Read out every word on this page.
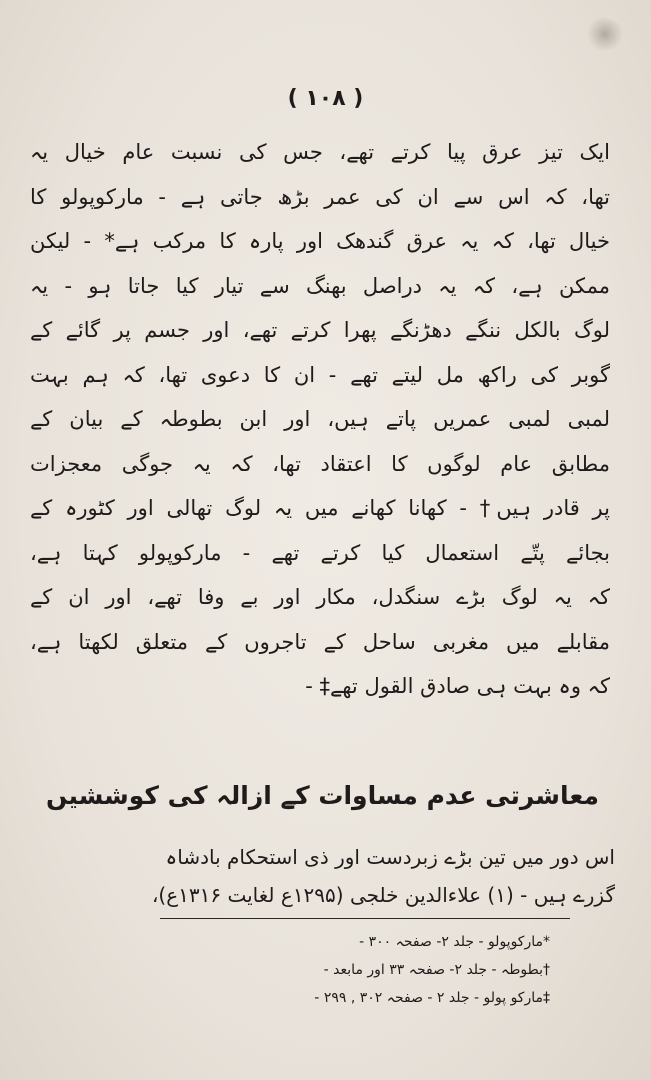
( ۱۰۸ )
ایک تیز عرق پیا کرتے تھے، جس کی نسبت عام خیال یہ
تھا، کہ اس سے ان کی عمر بڑھ جاتی ہے - مارکوپولو کا
خیال تھا، کہ یہ عرق گندھک اور پارہ کا مرکب ہے* - لیکن
ممکن ہے، کہ یہ دراصل بھنگ سے تیار کیا جاتا ہو - یہ
لوگ بالکل ننگے دھڑنگے پھرا کرتے تھے، اور جسم پر گائے کے
گوبر کی راکھ مل لیتے تھے - ان کا دعوی تھا، کہ ہم بہت
لمبی لمبی عمریں پاتے ہیں، اور ابن بطوطہ کے بیان کے
مطابق عام لوگوں کا اعتقاد تھا، کہ یہ جوگی معجزات
پر قادر ہیں† - کھانا کھانے میں یہ لوگ تھالی اور کٹورہ کے
بجائے پتّے استعمال کیا کرتے تھے - مارکوپولو کہتا ہے،
کہ یہ لوگ بڑے سنگدل، مکار اور بے وفا تھے، اور ان کے
مقابلے میں مغربی ساحل کے تاجروں کے متعلق لکھتا ہے،
کہ وہ بہت ہی صادق القول تھے‡ -
معاشرتی عدم مساوات کے ازالہ کی کوششیں
اس دور میں تین بڑے زبردست اور ذی استحکام بادشاہ
گزرے ہیں - (۱) علاءالدین خلجی (۱۲۹۵ع لغایت ۱۳۱۶ع)،
*مارکوپولو - جلد ۲- صفحہ ۳۰۰ -
†بطوطہ - جلد ۲- صفحہ ۳۳ اور مابعد -
‡مارکو پولو - جلد ۲ - صفحہ ۳۰۲ , ۲۹۹ -
